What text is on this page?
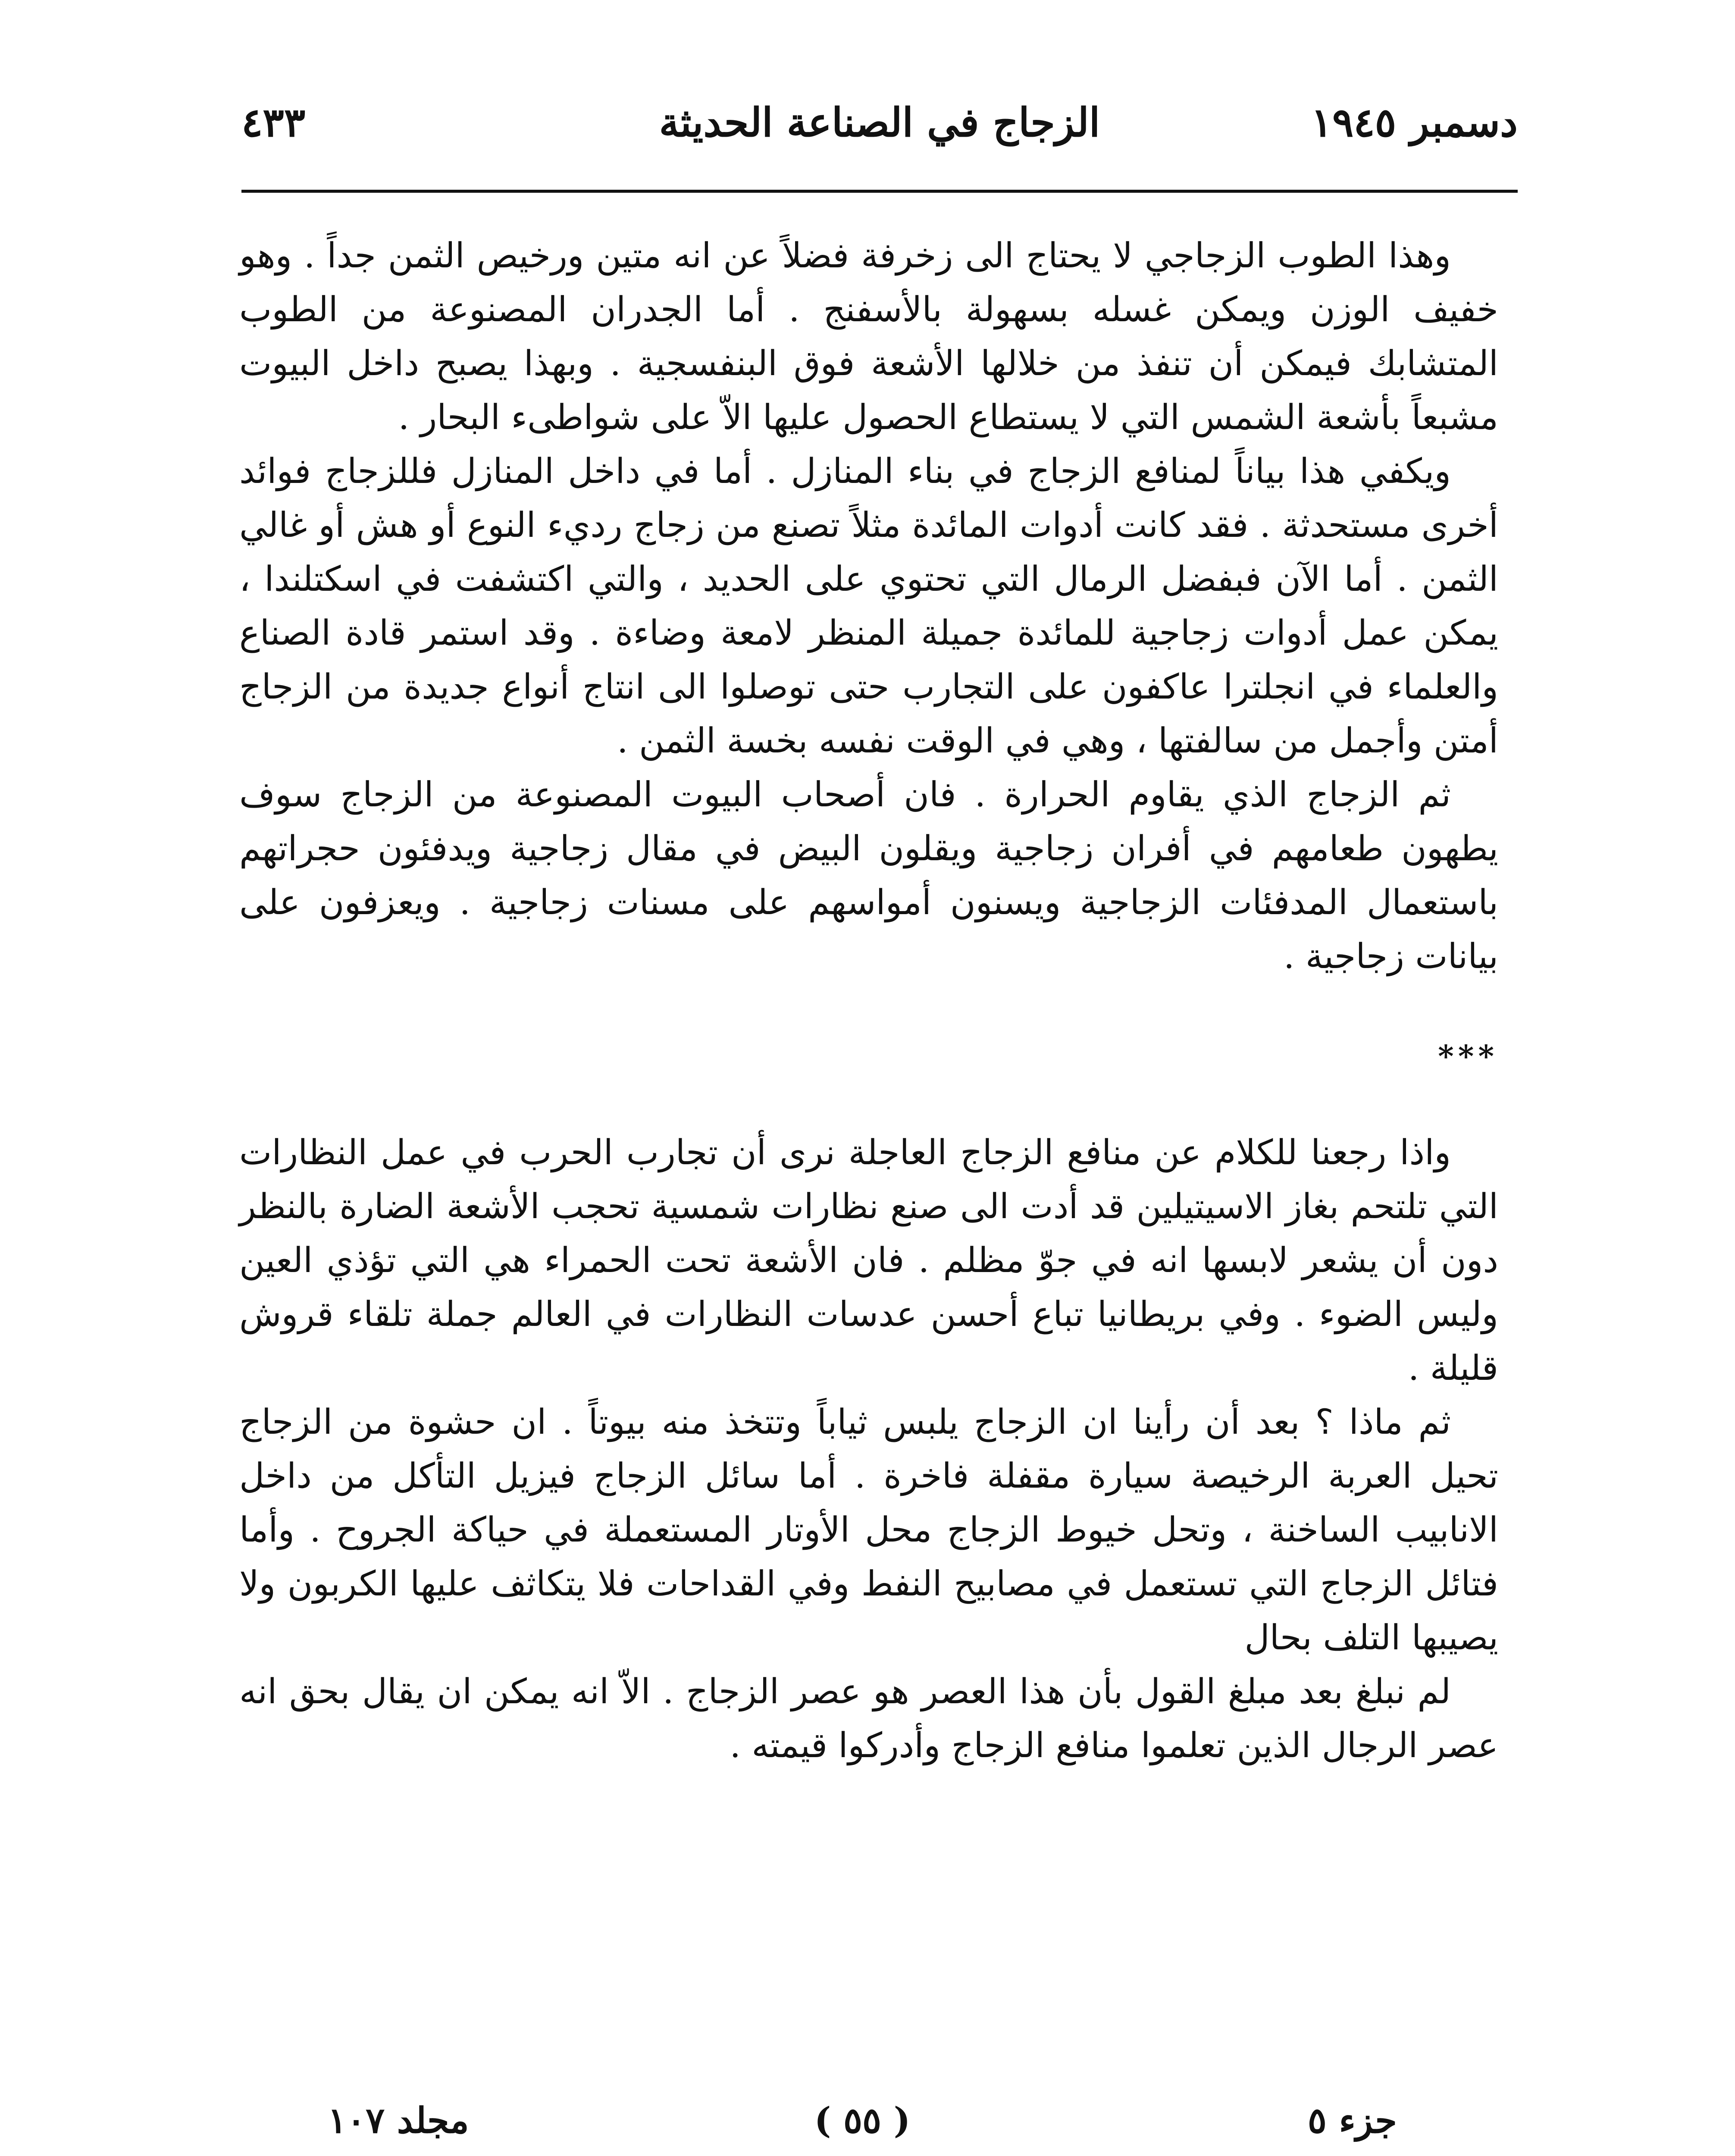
دسمبر ١٩٤٥
الزجاج في الصناعة الحديثة
٤٣٣

وهذا الطوب الزجاجي لا يحتاج الى زخرفة فضلاً عن انه متين ورخيص الثمن جداً . وهو خفيف الوزن ويمكن غسله بسهولة بالأسفنج . أما الجدران المصنوعة من الطوب المتشابك فيمكن أن تنفذ من خلالها الأشعة فوق البنفسجية . وبهذا يصبح داخل البيوت مشبعاً بأشعة الشمس التي لا يستطاع الحصول عليها الاّ على شواطىء البحار .

ويكفي هذا بياناً لمنافع الزجاج في بناء المنازل . أما في داخل المنازل فللزجاج فوائد أخرى مستحدثة . فقد كانت أدوات المائدة مثلاً تصنع من زجاج رديء النوع أو هش أو غالي الثمن . أما الآن فبفضل الرمال التي تحتوي على الحديد ، والتي اكتشفت في اسكتلندا ، يمكن عمل أدوات زجاجية للمائدة جميلة المنظر لامعة وضاءة . وقد استمر قادة الصناع والعلماء في انجلترا عاكفون على التجارب حتى توصلوا الى انتاج أنواع جديدة من الزجاج أمتن وأجمل من سالفتها ، وهي في الوقت نفسه بخسة الثمن .

ثم الزجاج الذي يقاوم الحرارة . فان أصحاب البيوت المصنوعة من الزجاج سوف يطهون طعامهم في أفران زجاجية ويقلون البيض في مقال زجاجية ويدفئون حجراتهم باستعمال المدفئات الزجاجية ويسنون أمواسهم على مسنات زجاجية . ويعزفون على بيانات زجاجية .

***

واذا رجعنا للكلام عن منافع الزجاج العاجلة نرى أن تجارب الحرب في عمل النظارات التي تلتحم بغاز الاسيتيلين قد أدت الى صنع نظارات شمسية تحجب الأشعة الضارة بالنظر دون أن يشعر لابسها انه في جوّ مظلم . فان الأشعة تحت الحمراء هي التي تؤذي العين وليس الضوء . وفي بريطانيا تباع أحسن عدسات النظارات في العالم جملة تلقاء قروش قليلة .

ثم ماذا ؟ بعد أن رأينا ان الزجاج يلبس ثياباً وتتخذ منه بيوتاً . ان حشوة من الزجاج تحيل العربة الرخيصة سيارة مقفلة فاخرة . أما سائل الزجاج فيزيل التأكل من داخل الانابيب الساخنة ، وتحل خيوط الزجاج محل الأوتار المستعملة في حياكة الجروح . وأما فتائل الزجاج التي تستعمل في مصابيح النفط وفي القداحات فلا يتكاثف عليها الكربون ولا يصيبها التلف بحال

لم نبلغ بعد مبلغ القول بأن هذا العصر هو عصر الزجاج . الاّ انه يمكن ان يقال بحق انه عصر الرجال الذين تعلموا منافع الزجاج وأدركوا قيمته .

جزء ٥
( ٥٥ )
مجلد ١٠٧
